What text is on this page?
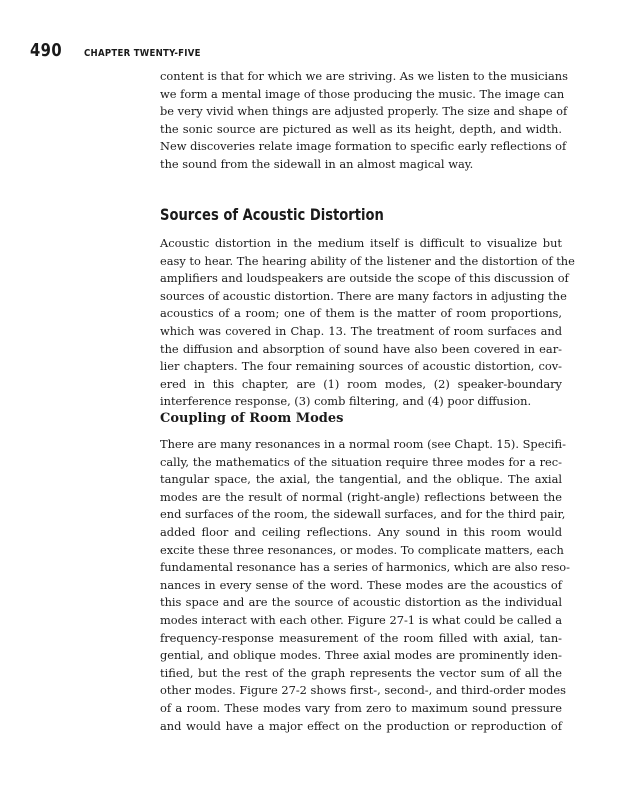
490	CHAPTER TWENTY-FIVE

content is that for which we are striving. As we listen to the musicians
we form a mental image of those producing the music. The image can
be very vivid when things are adjusted properly. The size and shape of
the sonic source are pictured as well as its height, depth, and width.
New discoveries relate image formation to specific early reflections of
the sound from the sidewall in an almost magical way.

Sources of Acoustic Distortion

Acoustic distortion in the medium itself is difficult to visualize but
easy to hear. The hearing ability of the listener and the distortion of the
amplifiers and loudspeakers are outside the scope of this discussion of
sources of acoustic distortion. There are many factors in adjusting the
acoustics of a room; one of them is the matter of room proportions,
which was covered in Chap. 13. The treatment of room surfaces and
the diffusion and absorption of sound have also been covered in ear-
lier chapters. The four remaining sources of acoustic distortion, cov-
ered in this chapter, are (1) room modes, (2) speaker-boundary
interference response, (3) comb filtering, and (4) poor diffusion.

Coupling of Room Modes

There are many resonances in a normal room (see Chapt. 15). Specifi-
cally, the mathematics of the situation require three modes for a rec-
tangular space, the axial, the tangential, and the oblique. The axial
modes are the result of normal (right-angle) reflections between the
end surfaces of the room, the sidewall surfaces, and for the third pair,
added floor and ceiling reflections. Any sound in this room would
excite these three resonances, or modes. To complicate matters, each
fundamental resonance has a series of harmonics, which are also reso-
nances in every sense of the word. These modes are the acoustics of
this space and are the source of acoustic distortion as the individual
modes interact with each other. Figure 27-1 is what could be called a
frequency-response measurement of the room filled with axial, tan-
gential, and oblique modes. Three axial modes are prominently iden-
tified, but the rest of the graph represents the vector sum of all the
other modes. Figure 27-2 shows first-, second-, and third-order modes
of a room. These modes vary from zero to maximum sound pressure
and would have a major effect on the production or reproduction of
